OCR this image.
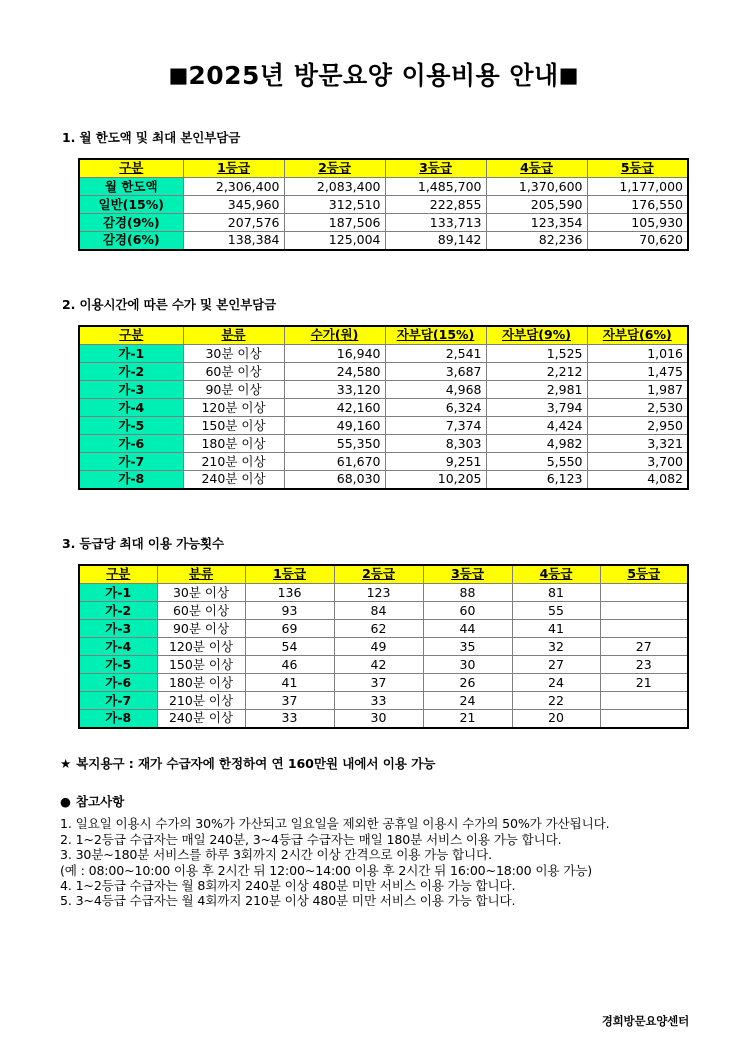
■2025년 방문요양 이용비용 안내■
1. 월 한도액 및 최대 본인부담금
구분	1등급	2등급	3등급	4등급	5등급
월 한도액	2,306,400	2,083,400	1,485,700	1,370,600	1,177,000
일반(15%)	345,960	312,510	222,855	205,590	176,550
감경(9%)	207,576	187,506	133,713	123,354	105,930
감경(6%)	138,384	125,004	89,142	82,236	70,620
2. 이용시간에 따른 수가 및 본인부담금
구분	분류	수가(원)	자부담(15%)	자부담(9%)	자부담(6%)
가-1	30분 이상	16,940	2,541	1,525	1,016
가-2	60분 이상	24,580	3,687	2,212	1,475
가-3	90분 이상	33,120	4,968	2,981	1,987
가-4	120분 이상	42,160	6,324	3,794	2,530
가-5	150분 이상	49,160	7,374	4,424	2,950
가-6	180분 이상	55,350	8,303	4,982	3,321
가-7	210분 이상	61,670	9,251	5,550	3,700
가-8	240분 이상	68,030	10,205	6,123	4,082
3. 등급당 최대 이용 가능횟수
구분	분류	1등급	2등급	3등급	4등급	5등급
가-1	30분 이상	136	123	88	81	
가-2	60분 이상	93	84	60	55	
가-3	90분 이상	69	62	44	41	
가-4	120분 이상	54	49	35	32	27
가-5	150분 이상	46	42	30	27	23
가-6	180분 이상	41	37	26	24	21
가-7	210분 이상	37	33	24	22	
가-8	240분 이상	33	30	21	20	
★ 복지용구 : 재가 수급자에 한정하여 연 160만원 내에서 이용 가능
● 참고사항
1. 일요일 이용시 수가의 30%가 가산되고 일요일을 제외한 공휴일 이용시 수가의 50%가 가산됩니다.
2. 1~2등급 수급자는 매일 240분, 3~4등급 수급자는 매일 180분 서비스 이용 가능 합니다.
3. 30분~180분 서비스를 하루 3회까지 2시간 이상 간격으로 이용 가능 합니다.
(예 : 08:00~10:00 이용 후 2시간 뒤 12:00~14:00 이용 후 2시간 뒤 16:00~18:00 이용 가능)
4. 1~2등급 수급자는 월 8회까지 240분 이상 480분 미만 서비스 이용 가능 합니다.
5. 3~4등급 수급자는 월 4회까지 210분 이상 480분 미만 서비스 이용 가능 합니다.
경희방문요양센터
